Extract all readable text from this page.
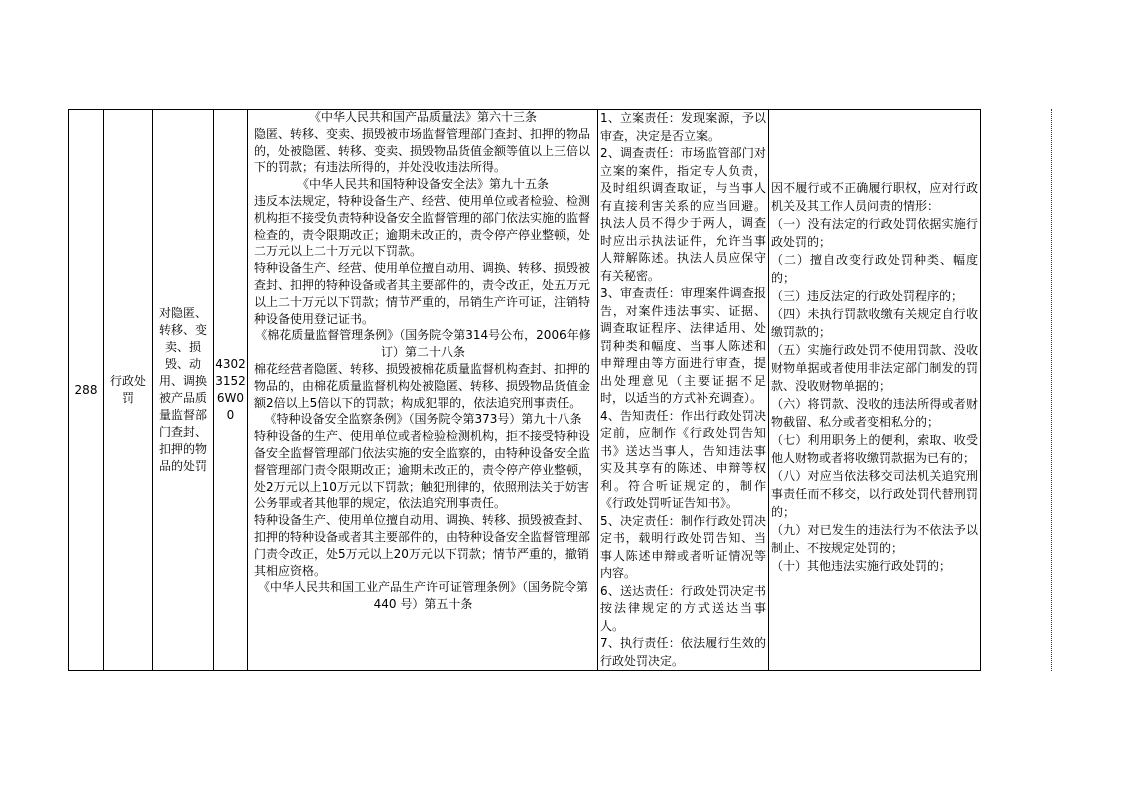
288
行政处罚
对隐匿、转移、变卖、损毁、动用、调换被产品质量监督部门查封、扣押的物品的处罚
4302
3152
6W0
0

《中华人民共和国产品质量法》第六十三条

隐匿、转移、变卖、损毁被市场监督管理部门查封、扣押的物品的，处被隐匿、转移、变卖、损毁物品货值金额等值以上三倍以下的罚款；有违法所得的，并处没收违法所得。

《中华人民共和国特种设备安全法》第九十五条

违反本法规定，特种设备生产、经营、使用单位或者检验、检测机构拒不接受负责特种设备安全监督管理的部门依法实施的监督检查的，责令限期改正；逾期未改正的，责令停产停业整顿，处二万元以上二十万元以下罚款。

特种设备生产、经营、使用单位擅自动用、调换、转移、损毁被查封、扣押的特种设备或者其主要部件的，责令改正，处五万元以上二十万元以下罚款；情节严重的，吊销生产许可证，注销特种设备使用登记证书。

《棉花质量监督管理条例》（国务院令第314号公布，2006年修订）第二十八条

棉花经营者隐匿、转移、损毁被棉花质量监督机构查封、扣押的物品的，由棉花质量监督机构处被隐匿、转移、损毁物品货值金额2倍以上5倍以下的罚款；构成犯罪的，依法追究刑事责任。

《特种设备安全监察条例》（国务院令第373号）第九十八条

特种设备的生产、使用单位或者检验检测机构，拒不接受特种设备安全监督管理部门依法实施的安全监察的，由特种设备安全监督管理部门责令限期改正；逾期未改正的，责令停产停业整顿，处2万元以上10万元以下罚款；触犯刑律的，依照刑法关于妨害公务罪或者其他罪的规定，依法追究刑事责任。

特种设备生产、使用单位擅自动用、调换、转移、损毁被查封、扣押的特种设备或者其主要部件的，由特种设备安全监督管理部门责令改正，处5万元以上20万元以下罚款；情节严重的，撤销其相应资格。

《中华人民共和国工业产品生产许可证管理条例》（国务院令第 440 号）第五十条

1、立案责任：发现案源，予以审查，决定是否立案。

2、调查责任：市场监管部门对立案的案件，指定专人负责，及时组织调查取证，与当事人有直接利害关系的应当回避。执法人员不得少于两人，调查时应出示执法证件，允许当事人辩解陈述。执法人员应保守有关秘密。

3、审查责任：审理案件调查报告，对案件违法事实、证据、调查取证程序、法律适用、处罚种类和幅度、当事人陈述和申辩理由等方面进行审查，提出处理意见（主要证据不足时，以适当的方式补充调查）。

4、告知责任：作出行政处罚决定前，应制作《行政处罚告知书》送达当事人，告知违法事实及其享有的陈述、申辩等权利。符合听证规定的，制作《行政处罚听证告知书》。

5、决定责任：制作行政处罚决定书，载明行政处罚告知、当事人陈述申辩或者听证情况等内容。

6、送达责任：行政处罚决定书按法律规定的方式送达当事人。

7、执行责任：依法履行生效的行政处罚决定。

因不履行或不正确履行职权，应对行政机关及其工作人员问责的情形：

（一）没有法定的行政处罚依据实施行政处罚的；

（二）擅自改变行政处罚种类、幅度的；

（三）违反法定的行政处罚程序的；

（四）未执行罚款收缴有关规定自行收缴罚款的；

（五）实施行政处罚不使用罚款、没收财物单据或者使用非法定部门制发的罚款、没收财物单据的；

（六）将罚款、没收的违法所得或者财物截留、私分或者变相私分的；

（七）利用职务上的便利，索取、收受他人财物或者将收缴罚款据为已有的；

（八）对应当依法移交司法机关追究刑事责任而不移交，以行政处罚代替刑罚的；

（九）对已发生的违法行为不依法予以制止、不按规定处罚的；

（十）其他违法实施行政处罚的；
